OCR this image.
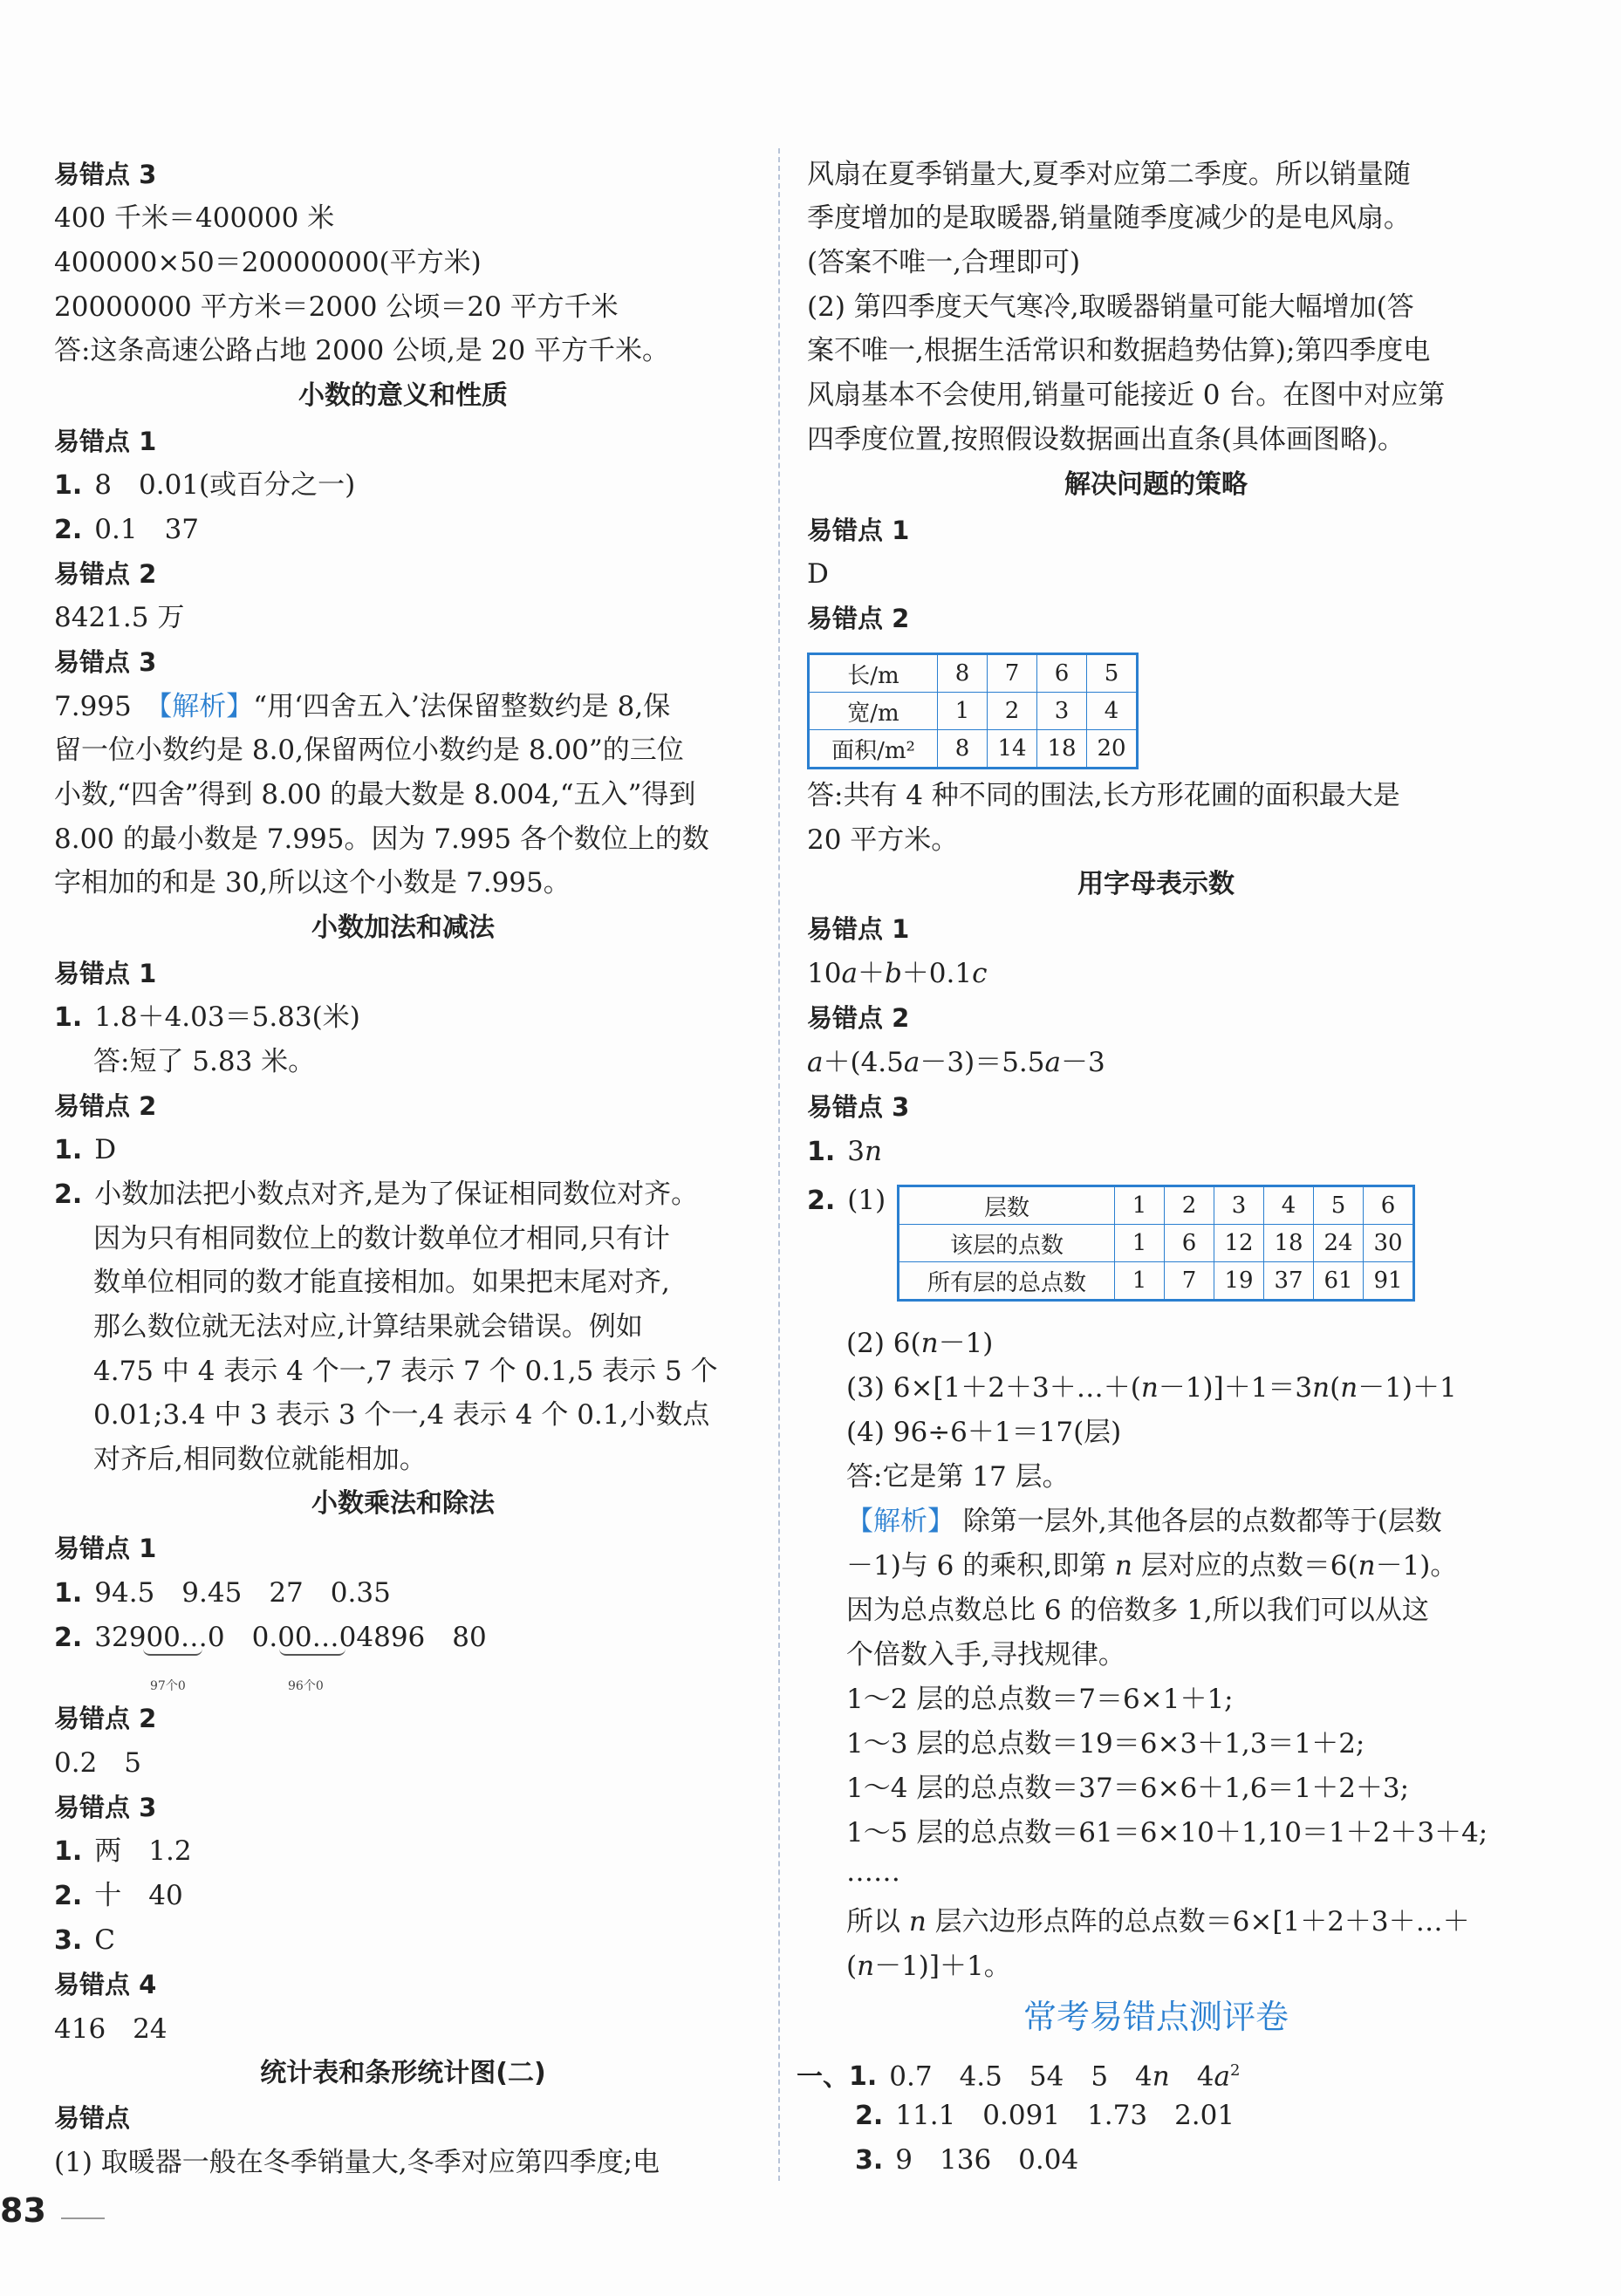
易错点 3
400 千米＝400000 米
400000×50＝20000000(平方米)
20000000 平方米＝2000 公顷＝20 平方千米
答:这条高速公路占地 2000 公顷,是 20 平方千米。
小数的意义和性质
易错点 1
1. 8　0.01(或百分之一)
2. 0.1　37
易错点 2
8421.5 万
易错点 3
7.995　 【解析】“用‘四舍五入’法保留整数约是 8,保
留一位小数约是 8.0,保留两位小数约是 8.00”的三位
小数,“四舍”得到 8.00 的最大数是 8.004,“五入”得到
8.00 的最小数是 7.995。因为 7.995 各个数位上的数
字相加的和是 30,所以这个小数是 7.995。
小数加法和减法
易错点 1
1. 1.8＋4.03＝5.83(米)
答:短了 5.83 米。
易错点 2
1. D
2. 小数加法把小数点对齐,是为了保证相同数位对齐。
因为只有相同数位上的数计数单位才相同,只有计
数单位相同的数才能直接相加。如果把末尾对齐,
那么数位就无法对应,计算结果就会错误。例如
4.75 中 4 表示 4 个一,7 表示 7 个 0.1,5 表示 5 个
0.01;3.4 中 3 表示 3 个一,4 表示 4 个 0.1,小数点
对齐后,相同数位就能相加。
小数乘法和除法
易错点 1
1. 94.5　9.45　27　0.35
2. 32900…0　 0.00…04896　 80
97个0	96个0
易错点 2
0.2　5
易错点 3
1. 两　1.2
2. 十　40
3. C
易错点 4
416　24
统计表和条形统计图(二)
易错点
(1) 取暖器一般在冬季销量大,冬季对应第四季度;电
风扇在夏季销量大,夏季对应第二季度。所以销量随
季度增加的是取暖器,销量随季度减少的是电风扇。
(答案不唯一,合理即可)
(2) 第四季度天气寒冷,取暖器销量可能大幅增加(答
案不唯一,根据生活常识和数据趋势估算);第四季度电
风扇基本不会使用,销量可能接近 0 台。在图中对应第
四季度位置,按照假设数据画出直条(具体画图略)。
解决问题的策略
易错点 1
D
易错点 2
长/m	8	7	6	5
宽/m	1	2	3	4
面积/m²	8	14	18	20
答:共有 4 种不同的围法,长方形花圃的面积最大是
20 平方米。
用字母表示数
易错点 1
10a＋b＋0.1c
易错点 2
a＋(4.5a－3)＝5.5a－3
易错点 3
1. 3n
2. (1)	层数	1	2	3	4	5	6
该层的点数	1	6	12	18	24	30
所有层的总点数	1	7	19	37	61	91
(2) 6(n－1)
(3) 6×[1＋2＋3＋…＋(n－1)]＋1＝3n(n－1)＋1
(4) 96÷6＋1＝17(层)
答:它是第 17 层。
【解析】 除第一层外,其他各层的点数都等于(层数
－1)与 6 的乘积,即第 n 层对应的点数＝6(n－1)。
因为总点数总比 6 的倍数多 1,所以我们可以从这
个倍数入手,寻找规律。
1～2 层的总点数＝7＝6×1＋1;
1～3 层的总点数＝19＝6×3＋1,3＝1＋2;
1～4 层的总点数＝37＝6×6＋1,6＝1＋2＋3;
1～5 层的总点数＝61＝6×10＋1,10＝1＋2＋3＋4;
……
所以 n 层六边形点阵的总点数＝6×[1＋2＋3＋…＋
(n－1)]＋1。
常考易错点测评卷
一、1. 0.7　4.5　54　5　4n　 $4a^2$
2. 11.1　0.091　1.73　2.01
3. 9　136　0.04
83
